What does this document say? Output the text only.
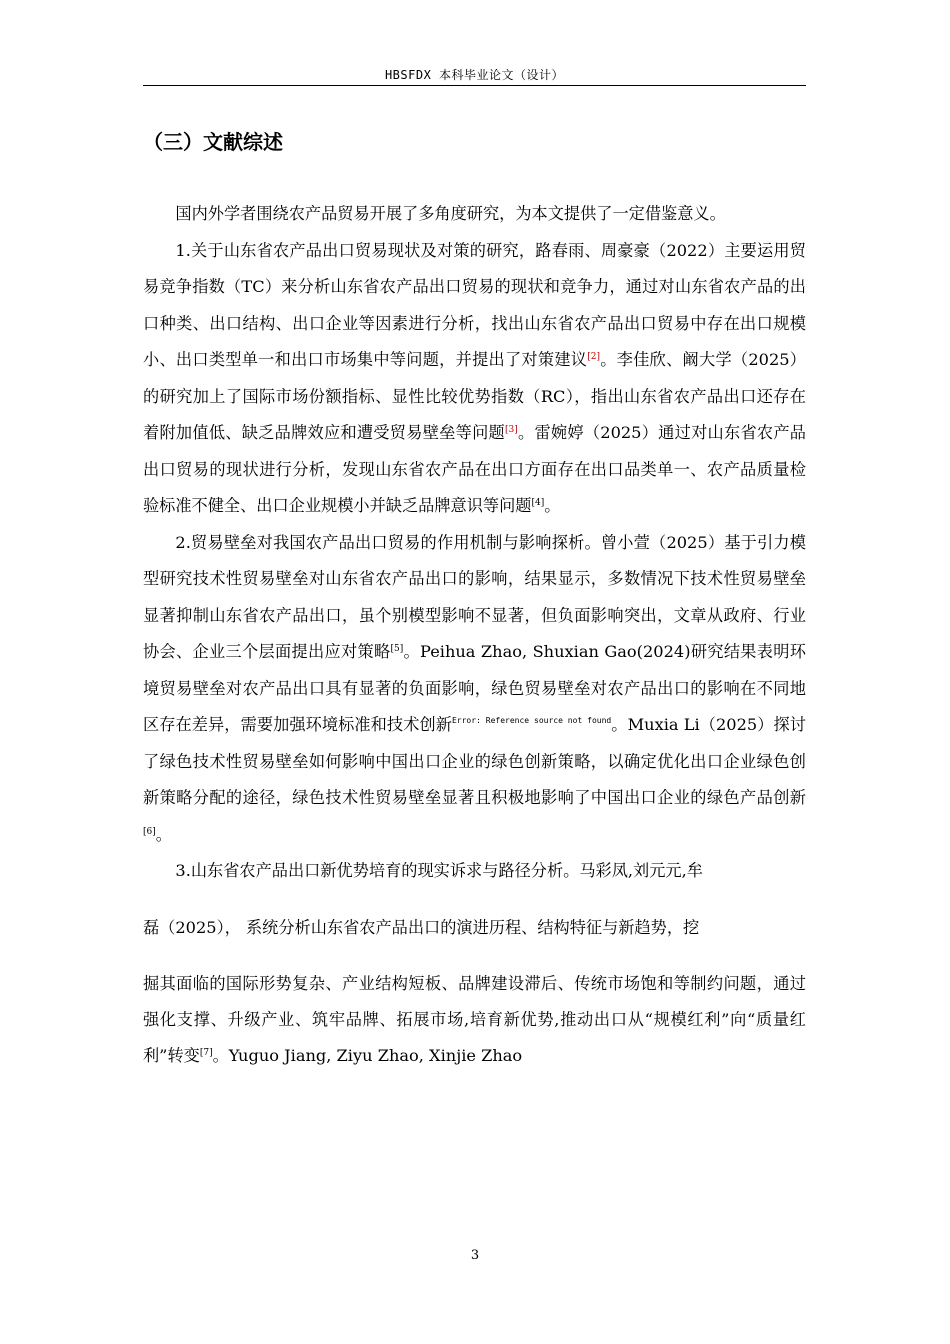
HBSFDX 本科毕业论文（设计）
（三）文献综述

国内外学者围绕农产品贸易开展了多角度研究，为本文提供了一定借鉴意义。

1.关于山东省农产品出口贸易现状及对策的研究，路春雨、周豪豪（2022）主要运用贸易竞争指数（TC）来分析山东省农产品出口贸易的现状和竞争力，通过对山东省农产品的出口种类、出口结构、出口企业等因素进行分析，找出山东省农产品出口贸易中存在出口规模小、出口类型单一和出口市场集中等问题，并提出了对策建议[2]。李佳欣、阚大学（2025）的研究加上了国际市场份额指标、显性比较优势指数（RC），指出山东省农产品出口还存在着附加值低、缺乏品牌效应和遭受贸易壁垒等问题[3]。雷婉婷（2025）通过对山东省农产品出口贸易的现状进行分析，发现山东省农产品在出口方面存在出口品类单一、农产品质量检验标准不健全、出口企业规模小并缺乏品牌意识等问题[4]。

2.贸易壁垒对我国农产品出口贸易的作用机制与影响探析。曾小萱（2025）基于引力模型研究技术性贸易壁垒对山东省农产品出口的影响，结果显示，多数情况下技术性贸易壁垒显著抑制山东省农产品出口，虽个别模型影响不显著，但负面影响突出，文章从政府、行业协会、企业三个层面提出应对策略[5]。Peihua Zhao, Shuxian Gao(2024)研究结果表明环境贸易壁垒对农产品出口具有显著的负面影响，绿色贸易壁垒对农产品出口的影响在不同地区存在差异，需要加强环境标准和技术创新$^{Error: Reference source not found}$。Muxia Li（2025）探讨了绿色技术性贸易壁垒如何影响中国出口企业的绿色创新策略，以确定优化出口企业绿色创新策略分配的途径，绿色技术性贸易壁垒显著且积极地影响了中国出口企业的绿色产品创新[6]。

3.山东省农产品出口新优势培育的现实诉求与路径分析。马彩凤,刘元元,牟

磊（2025）， 系统分析山东省农产品出口的演进历程、结构特征与新趋势，挖

掘其面临的国际形势复杂、产业结构短板、品牌建设滞后、传统市场饱和等制约问题，通过强化支撑、升级产业、筑牢品牌、拓展市场,培育新优势,推动出口从“规模红利”向“质量红利”转变[7]。Yuguo Jiang, Ziyu Zhao, Xinjie Zhao

3
